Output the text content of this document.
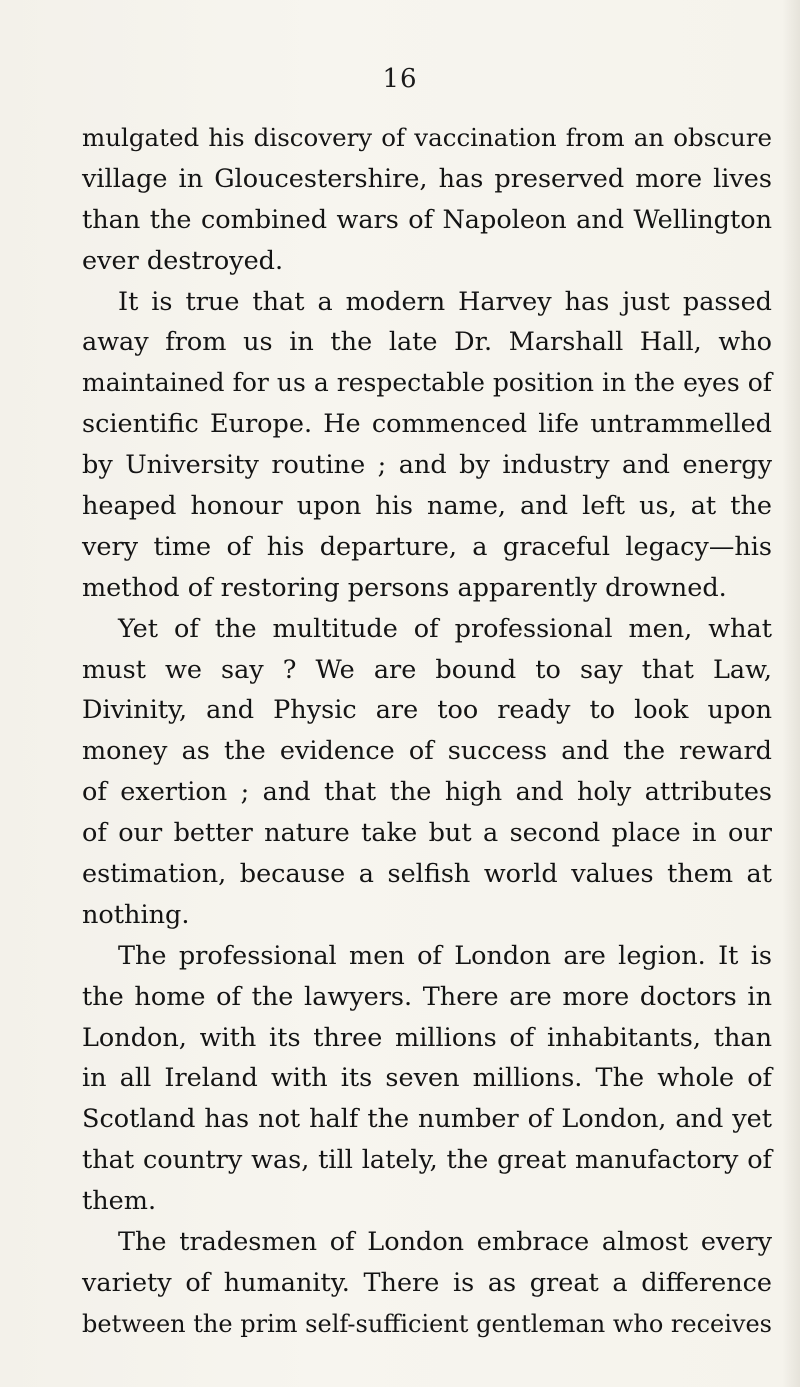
16
mulgated his discovery of vaccination from an obscure
village in Gloucestershire, has preserved more lives
than the combined wars of Napoleon and Wellington
ever destroyed.
It is true that a modern Harvey has just passed
away from us in the late Dr. Marshall Hall, who
maintained for us a respectable position in the eyes of
scientific Europe. He commenced life untrammelled
by University routine ; and by industry and energy
heaped honour upon his name, and left us, at the
very time of his departure, a graceful legacy—his
method of restoring persons apparently drowned.
Yet of the multitude of professional men, what
must we say ? We are bound to say that Law,
Divinity, and Physic are too ready to look upon
money as the evidence of success and the reward
of exertion ; and that the high and holy attributes
of our better nature take but a second place in our
estimation, because a selfish world values them at
nothing.
The professional men of London are legion. It is
the home of the lawyers. There are more doctors in
London, with its three millions of inhabitants, than
in all Ireland with its seven millions. The whole of
Scotland has not half the number of London, and yet
that country was, till lately, the great manufactory of
them.
The tradesmen of London embrace almost every
variety of humanity. There is as great a difference
between the prim self-sufficient gentleman who receives
